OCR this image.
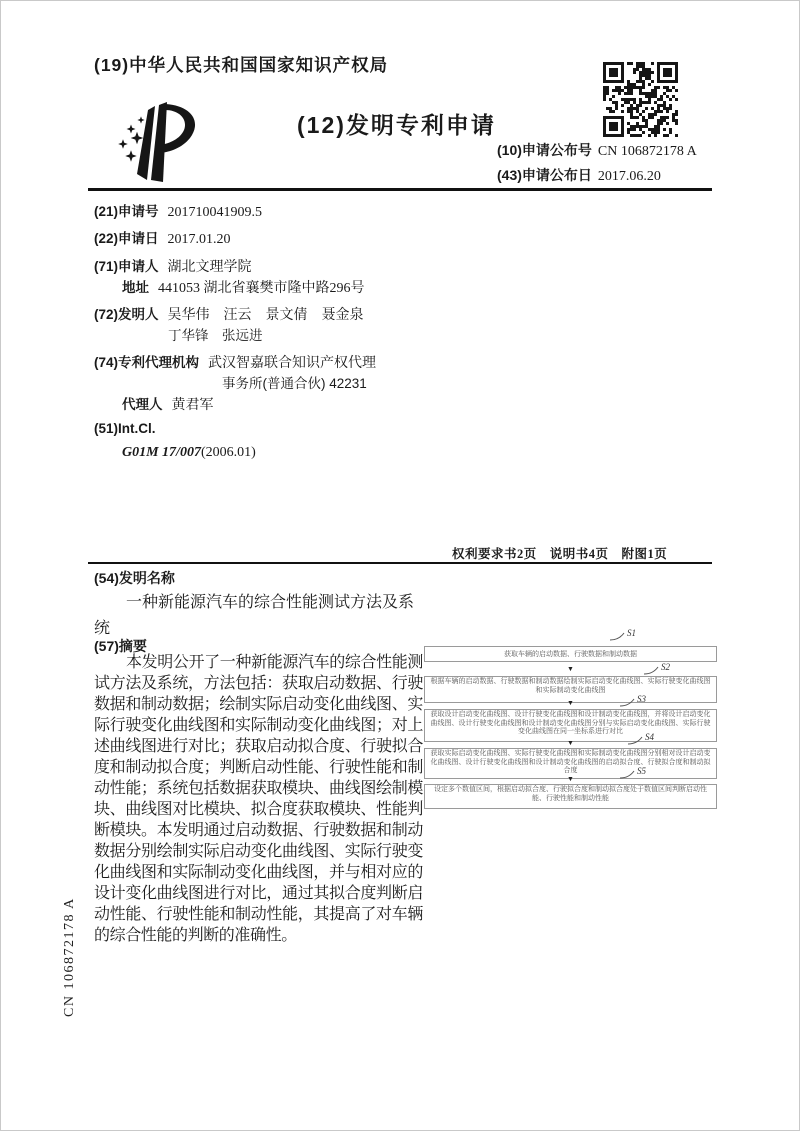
(19)中华人民共和国国家知识产权局
(12)发明专利申请
(10)申请公布号 CN 106872178 A
(43)申请公布日 2017.06.20
(21)申请号 201710041909.5
(22)申请日 2017.01.20
(71)申请人 湖北文理学院
地址 441053 湖北省襄樊市隆中路296号
(72)发明人 吴华伟　汪云　景文倩　聂金泉
丁华锋　张远进
(74)专利代理机构 武汉智嘉联合知识产权代理
事务所(普通合伙) 42231
代理人 黄君军
(51)Int.Cl.
G01M 17/007(2006.01)
权利要求书2页　说明书4页　附图1页
(54)发明名称
一种新能源汽车的综合性能测试方法及系统
(57)摘要
本发明公开了一种新能源汽车的综合性能测试方法及系统，方法包括：获取启动数据、行驶数据和制动数据；绘制实际启动变化曲线图、实际行驶变化曲线图和实际制动变化曲线图；对上述曲线图进行对比；获取启动拟合度、行驶拟合度和制动拟合度；判断启动性能、行驶性能和制动性能；系统包括数据获取模块、曲线图绘制模块、曲线图对比模块、拟合度获取模块、性能判断模块。本发明通过启动数据、行驶数据和制动数据分别绘制实际启动变化曲线图、实际行驶变化曲线图和实际制动变化曲线图，并与相对应的设计变化曲线图进行对比，通过其拟合度判断启动性能、行驶性能和制动性能，其提高了对车辆的综合性能的判断的准确性。
S1
获取车辆的启动数据、行驶数据和制动数据
▼	S2
根据车辆的启动数据、行驶数据和制动数据绘制实际启动变化曲线图、实际行驶变化曲线图和实际制动变化曲线图
▼	S3
获取设计启动变化曲线图、设计行驶变化曲线图和设计制动变化曲线图，并将设计启动变化曲线图、设计行驶变化曲线图和设计制动变化曲线图分别与实际启动变化曲线图、实际行驶变化曲线图在同一坐标系进行对比
▼
S4
获取实际启动变化曲线图、实际行驶变化曲线图和实际制动变化曲线图分别相对设计启动变化曲线图、设计行驶变化曲线图和设计制动变化曲线图的启动拟合度、行驶拟合度和制动拟合度
▼
S5
设定多个数值区间，根据启动拟合度、行驶拟合度和制动拟合度处于数值区间判断启动性能、行驶性能和制动性能
CN 106872178 A
